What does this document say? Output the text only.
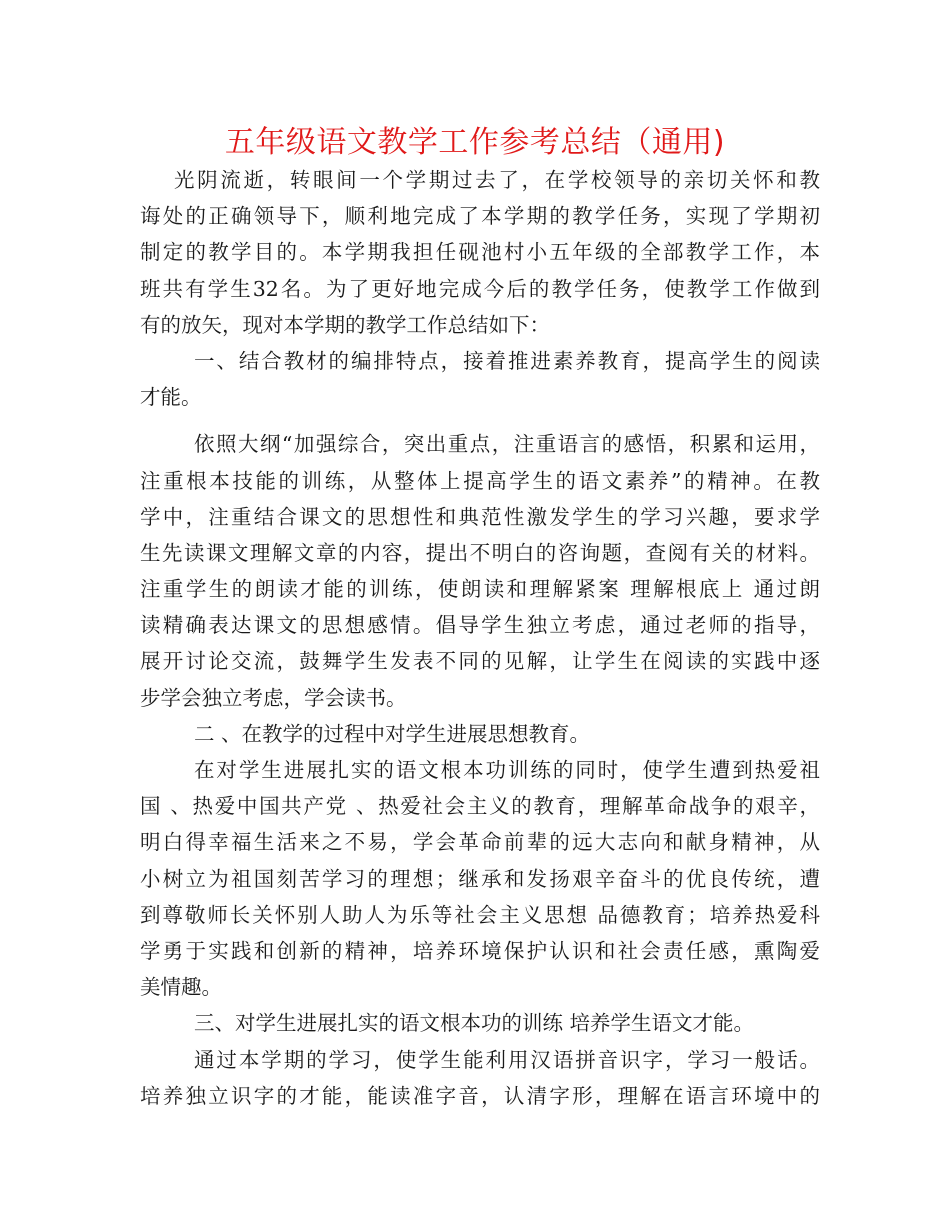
五年级语文教学工作参考总结（通用)
光阴流逝，转眼间一个学期过去了，在学校领导的亲切关怀和教
诲处的正确领导下，顺利地完成了本学期的教学任务，实现了学期初
制定的教学目的。本学期我担任砚池村小五年级的全部教学工作，本
班共有学生32名。为了更好地完成今后的教学任务，使教学工作做到
有的放矢，现对本学期的教学工作总结如下：
一、结合教材的编排特点，接着推进素养教育，提高学生的阅读
才能。
依照大纲“加强综合，突出重点，注重语言的感悟，积累和运用，
注重根本技能的训练，从整体上提高学生的语文素养”的精神。在教
学中，注重结合课文的思想性和典范性激发学生的学习兴趣，要求学
生先读课文理解文章的内容，提出不明白的咨询题，查阅有关的材料。
注重学生的朗读才能的训练，使朗读和理解紧案 理解根底上 通过朗
读精确表达课文的思想感情。倡导学生独立考虑，通过老师的指导，
展开讨论交流，鼓舞学生发表不同的见解，让学生在阅读的实践中逐
步学会独立考虑，学会读书。
二 、在教学的过程中对学生进展思想教育。
在对学生进展扎实的语文根本功训练的同时，使学生遭到热爱祖
国 、热爱中国共产党 、热爱社会主义的教育，理解革命战争的艰辛，
明白得幸福生活来之不易，学会革命前辈的远大志向和献身精神，从
小树立为祖国刻苦学习的理想；继承和发扬艰辛奋斗的优良传统，遭
到尊敬师长关怀别人助人为乐等社会主义思想 品德教育；培养热爱科
学勇于实践和创新的精神，培养环境保护认识和社会责任感，熏陶爱
美情趣。
三、对学生进展扎实的语文根本功的训练 培养学生语文才能。
通过本学期的学习，使学生能利用汉语拼音识字，学习一般话。
培养独立识字的才能，能读准字音，认清字形，理解在语言环境中的
